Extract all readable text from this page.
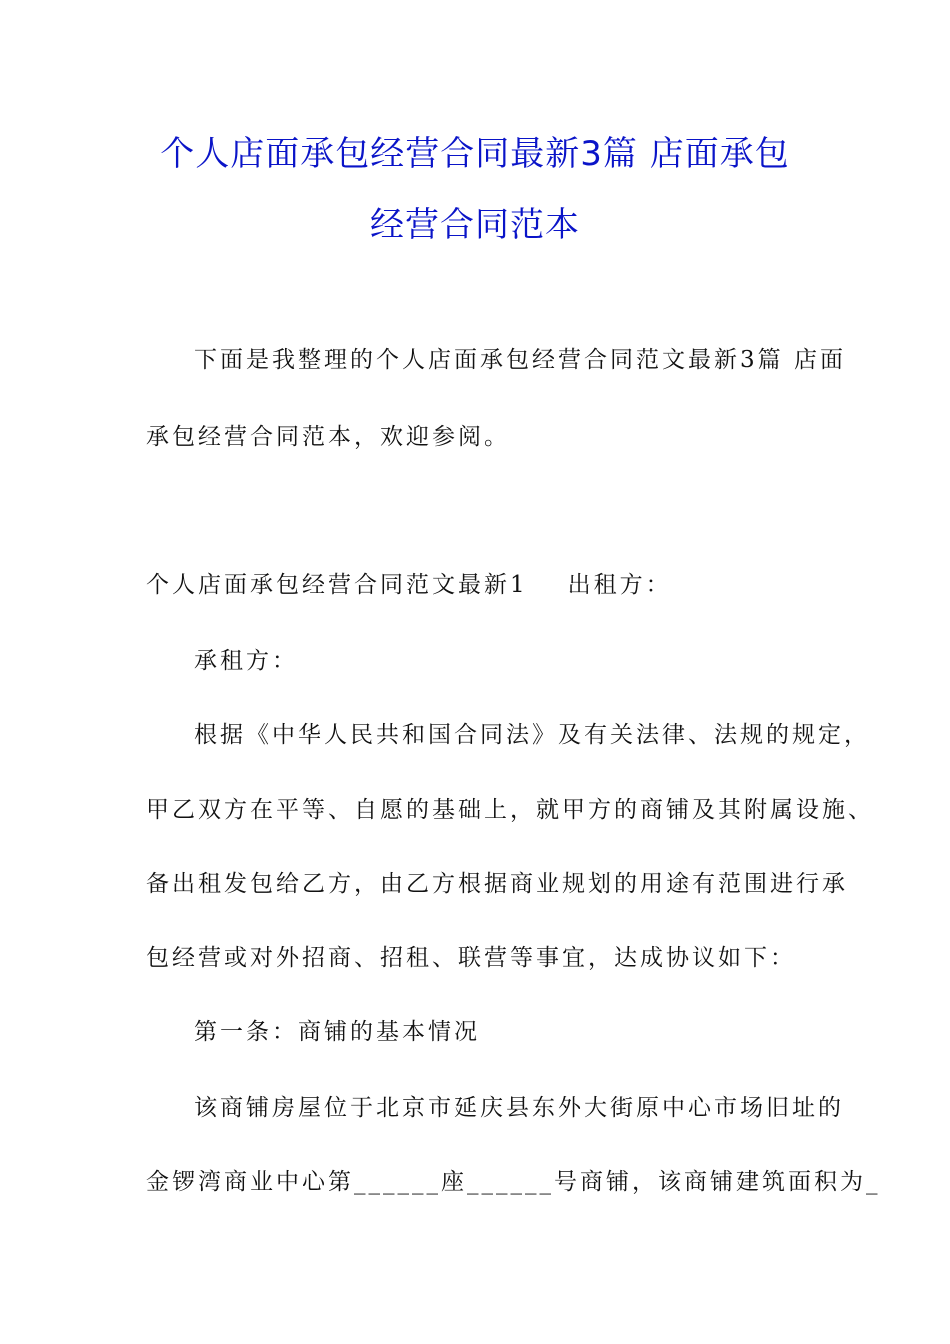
个人店面承包经营合同最新3篇 店面承包
经营合同范本
下面是我整理的个人店面承包经营合同范文最新3篇 店面
承包经营合同范本，欢迎参阅。
个人店面承包经营合同范文最新1 出租方：
承租方：
根据《中华人民共和国合同法》及有关法律、法规的规定，
甲乙双方在平等、自愿的基础上，就甲方的商铺及其附属设施、
备出租发包给乙方，由乙方根据商业规划的用途有范围进行承
包经营或对外招商、招租、联营等事宜，达成协议如下：
第一条：商铺的基本情况
该商铺房屋位于北京市延庆县东外大街原中心市场旧址的
金锣湾商业中心第______座______号商铺，该商铺建筑面积为_
